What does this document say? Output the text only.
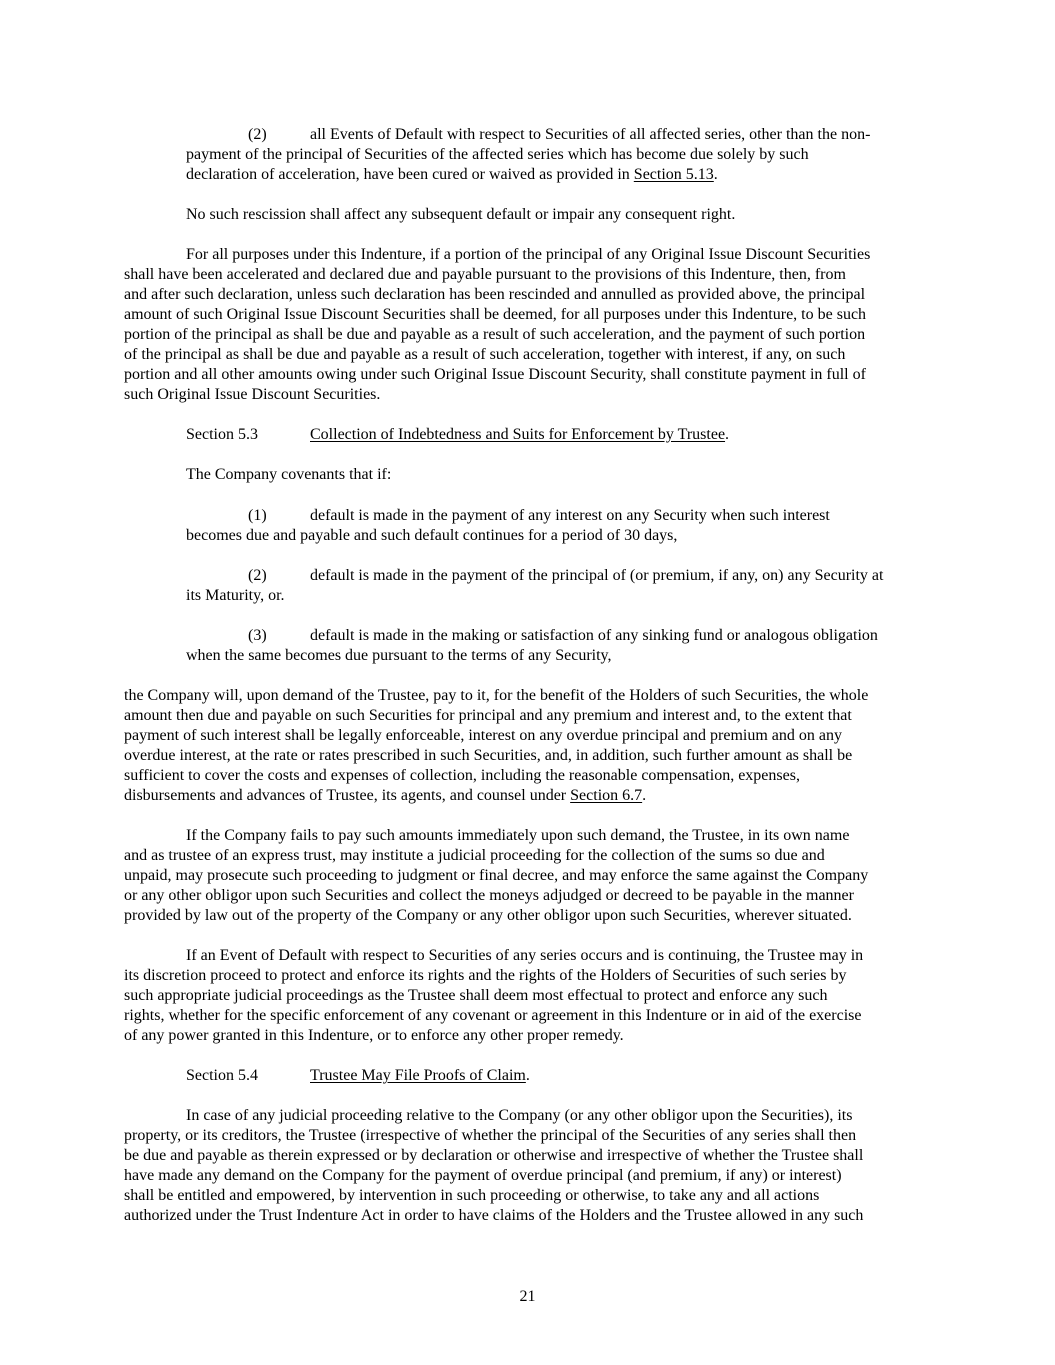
(2)	all Events of Default with respect to Securities of all affected series, other than the non-
payment of the principal of Securities of the affected series which has become due solely by such
declaration of acceleration, have been cured or waived as provided in Section 5.13.
No such rescission shall affect any subsequent default or impair any consequent right.
For all purposes under this Indenture, if a portion of the principal of any Original Issue Discount Securities
shall have been accelerated and declared due and payable pursuant to the provisions of this Indenture, then, from
and after such declaration, unless such declaration has been rescinded and annulled as provided above, the principal
amount of such Original Issue Discount Securities shall be deemed, for all purposes under this Indenture, to be such
portion of the principal as shall be due and payable as a result of such acceleration, and the payment of such portion
of the principal as shall be due and payable as a result of such acceleration, together with interest, if any, on such
portion and all other amounts owing under such Original Issue Discount Security, shall constitute payment in full of
such Original Issue Discount Securities.
Section 5.3	Collection of Indebtedness and Suits for Enforcement by Trustee.
The Company covenants that if:
(1)	default is made in the payment of any interest on any Security when such interest
becomes due and payable and such default continues for a period of 30 days,
(2)	default is made in the payment of the principal of (or premium, if any, on) any Security at
its Maturity, or.
(3)	default is made in the making or satisfaction of any sinking fund or analogous obligation
when the same becomes due pursuant to the terms of any Security,
the Company will, upon demand of the Trustee, pay to it, for the benefit of the Holders of such Securities, the whole
amount then due and payable on such Securities for principal and any premium and interest and, to the extent that
payment of such interest shall be legally enforceable, interest on any overdue principal and premium and on any
overdue interest, at the rate or rates prescribed in such Securities, and, in addition, such further amount as shall be
sufficient to cover the costs and expenses of collection, including the reasonable compensation, expenses,
disbursements and advances of Trustee, its agents, and counsel under Section 6.7.
If the Company fails to pay such amounts immediately upon such demand, the Trustee, in its own name
and as trustee of an express trust, may institute a judicial proceeding for the collection of the sums so due and
unpaid, may prosecute such proceeding to judgment or final decree, and may enforce the same against the Company
or any other obligor upon such Securities and collect the moneys adjudged or decreed to be payable in the manner
provided by law out of the property of the Company or any other obligor upon such Securities, wherever situated.
If an Event of Default with respect to Securities of any series occurs and is continuing, the Trustee may in
its discretion proceed to protect and enforce its rights and the rights of the Holders of Securities of such series by
such appropriate judicial proceedings as the Trustee shall deem most effectual to protect and enforce any such
rights, whether for the specific enforcement of any covenant or agreement in this Indenture or in aid of the exercise
of any power granted in this Indenture, or to enforce any other proper remedy.
Section 5.4	Trustee May File Proofs of Claim.
In case of any judicial proceeding relative to the Company (or any other obligor upon the Securities), its
property, or its creditors, the Trustee (irrespective of whether the principal of the Securities of any series shall then
be due and payable as therein expressed or by declaration or otherwise and irrespective of whether the Trustee shall
have made any demand on the Company for the payment of overdue principal (and premium, if any) or interest)
shall be entitled and empowered, by intervention in such proceeding or otherwise, to take any and all actions
authorized under the Trust Indenture Act in order to have claims of the Holders and the Trustee allowed in any such
21
